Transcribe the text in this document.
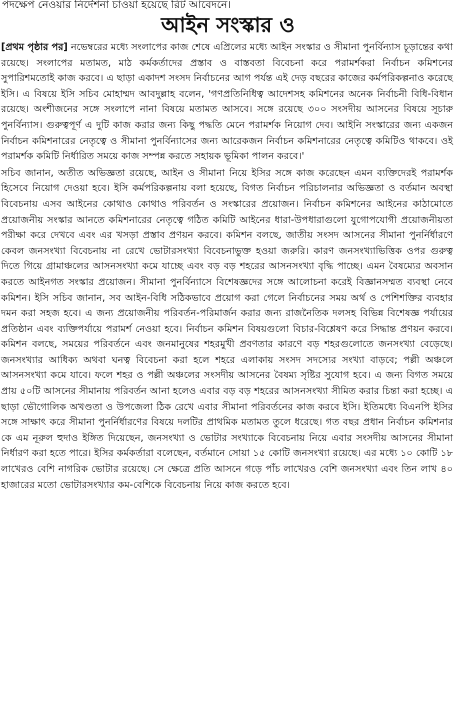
পদক্ষেপ নেওয়ার নির্দেশনা চাওয়া হয়েছে রিট আবেদনে।
আইন সংস্কার ও

[প্রথম পৃষ্ঠার পর] নভেম্বরের মধ্যে সংলাপের কাজ শেষে এপ্রিলের মধ্যে আইন সংস্কার ও সীমানা পুনর্বিন্যাস চূড়ান্তের কথা রয়েছে। সংলাপের মতামত, মাঠ কর্মকর্তাদের প্রস্তাব ও বাস্তবতা বিবেচনা করে পরামর্শকরা নির্বাচন কমিশনের সুপারিশমতোই কাজ করবে। এ ছাড়া একাদশ সংসদ নির্বাচনের আগ পর্যন্ত এই দেড় বছরের কাজের কর্মপরিকল্পনাও করেছে ইসি। এ বিষয়ে ইসি সচিব মোহাম্মদ আবদুল্লাহ বলেন, 'গণপ্রতিনিধিত্ব আদেশসহ কমিশনের অনেক নির্বাচনী বিধি-বিধান রয়েছে। অংশীজনের সঙ্গে সংলাপে নানা বিষয়ে মতামত আসবে। সঙ্গে রয়েছে ৩০০ সংসদীয় আসনের বিষয়ে সূচারু পুনর্বিন্যাস। গুরুত্বপূর্ণ এ দুটি কাজ করার জন্য কিছু পদ্ধতি মেনে পরামর্শক নিয়োগ দেব। আইনি সংস্কারের জন্য একজন নির্বাচন কমিশনারের নেতৃত্বে ও সীমানা পুনর্বিন্যাসের জন্য আরেকজন নির্বাচন কমিশনারের নেতৃত্বে কমিটিও থাকবে। ওই পরামর্শক কমিটি নির্ধারিত সময়ে কাজ সম্পন্ন করতে সহায়ক ভূমিকা পালন করবে।'

সচিব জানান, অতীত অভিজ্ঞতা রয়েছে, আইন ও সীমানা নিয়ে ইসির সঙ্গে কাজ করেছেন এমন ব্যক্তিদেরই পরামর্শক হিসেবে নিয়োগ দেওয়া হবে। ইসি কর্মপরিকল্পনায় বলা হয়েছে, বিগত নির্বাচন পরিচালনার অভিজ্ঞতা ও বর্তমান অবস্থা বিবেচনায় এসব আইনের কোথাও কোথাও পরিবর্তন ও সংস্কারের প্রয়োজন। নির্বাচন কমিশনের আইনের কাঠামোতে প্রয়োজনীয় সংস্কার আনতে কমিশনারের নেতৃত্বে গঠিত কমিটি আইনের ধারা-উপধারাগুলো যুগোপযোগী প্রয়োজনীয়তা পরীক্ষা করে দেখবে এবং এর খসড়া প্রস্তাব প্রণয়ন করবে। কমিশন বলছে, জাতীয় সংসদ আসনের সীমানা পুনর্নির্ধারণে কেবল জনসংখ্যা বিবেচনায় না রেখে ভোটারসংখ্যা বিবেচনাভুক্ত হওয়া জরুরি। কারণ জনসংখ্যাভিত্তিক ওপর গুরুত্ব দিতে গিয়ে গ্রামাঞ্চলের আসনসংখ্যা কমে যাচ্ছে এবং বড় বড় শহরের আসনসংখ্যা বৃদ্ধি পাচ্ছে। এমন বৈষম্যের অবসান করতে আইনগত সংস্কার প্রয়োজন। সীমানা পুনর্বিন্যাসে বিশেষজ্ঞদের সঙ্গে আলোচনা করেই বিজ্ঞানসম্মত ব্যবস্থা নেবে কমিশন। ইসি সচিব জানান, সব আইন-বিধি সঠিকভাবে প্রয়োগ করা গেলে নির্বাচনের সময় অর্থ ও পেশিশক্তির ব্যবহার দমন করা সহজ হবে। এ জন্য প্রয়োজনীয় পরিবর্তন-পরিমার্জন করার জন্য রাজনৈতিক দলসহ বিভিন্ন বিশেষজ্ঞ পর্যায়ের প্রতিষ্ঠান এবং ব্যক্তিপর্যায়ে পরামর্শ নেওয়া হবে। নির্বাচন কমিশন বিষয়গুলো বিচার-বিশ্লেষণ করে সিদ্ধান্ত প্রণয়ন করবে। কমিশন বলছে, সময়ের পরিবর্তনে এবং জনমানুষের শহরমুখী প্রবণতার কারণে বড় শহরগুলোতে জনসংখ্যা বেড়েছে। জনসংখ্যার আধিক্য অথবা ঘনত্ব বিবেচনা করা হলে শহরে এলাকায় সংসদ সদস্যের সংখ্যা বাড়বে; পল্লী অঞ্চলে আসনসংখ্যা কমে যাবে। ফলে শহর ও পল্লী অঞ্চলের সংসদীয় আসনের বৈষম্য সৃষ্টির সুযোগ হবে। এ জন্য বিগত সময়ে প্রায় ৫০টি আসনের সীমানায় পরিবর্তন আনা হলেও এবার বড় বড় শহরের আসনসংখ্যা সীমিত করার চিন্তা করা হচ্ছে। এ ছাড়া ভৌগোলিক অখণ্ডতা ও উপজেলা ঠিক রেখে এবার সীমানা পরিবর্তনের কাজ করবে ইসি। ইতিমধ্যে বিএনপি ইসির সঙ্গে সাক্ষাৎ করে সীমানা পুনর্নির্ধারণের বিষয়ে দলটির প্রাথমিক মতামত তুলে ধরেছে। গত বছর প্রধান নির্বাচন কমিশনার কে এম নূরুল হুদাও ইঙ্গিত দিয়েছেন, জনসংখ্যা ও ভোটার সংখ্যাকে বিবেচনায় নিয়ে এবার সংসদীয় আসনের সীমানা নির্ধারণ করা হতে পারে। ইসির কর্মকর্তারা বলেছেন, বর্তমানে সোয়া ১৫ কোটি জনসংখ্যা রয়েছে। এর মধ্যে ১০ কোটি ১৮ লাখেরও বেশি নাগরিক ভোটার রয়েছে। সে ক্ষেত্রে প্রতি আসনে গড়ে পাঁচ লাখেরও বেশি জনসংখ্যা এবং তিন লাখ ৪০ হাজারের মতো ভোটারসংখ্যার কম-বেশিকে বিবেচনায় নিয়ে কাজ করতে হবে।
